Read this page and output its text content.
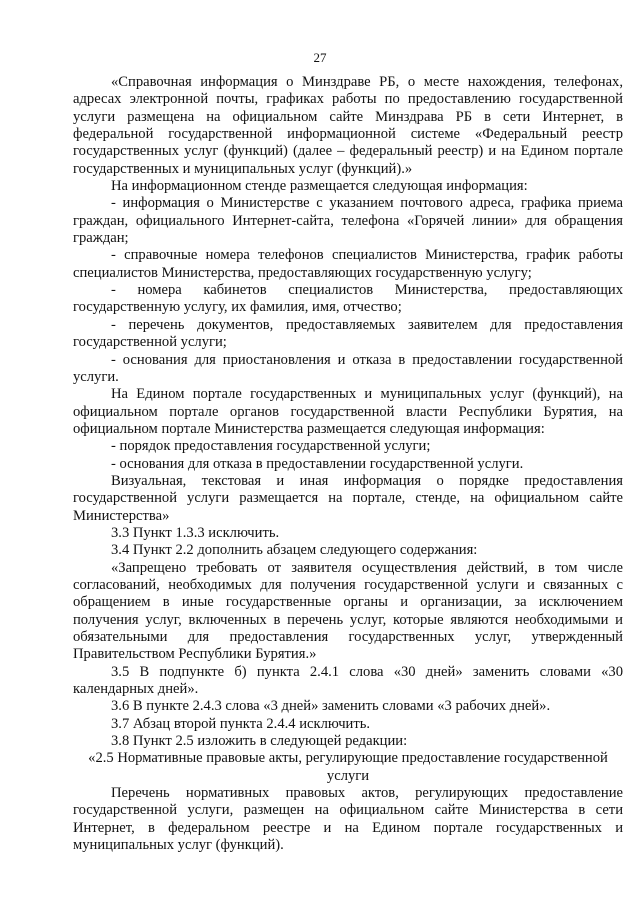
27

«Справочная информация о Минздраве РБ, о месте нахождения, телефонах, адресах электронной почты, графиках работы по предоставлению государственной услуги размещена на официальном сайте Минздрава РБ в сети Интернет, в федеральной государственной информационной системе «Федеральный реестр государственных услуг (функций) (далее – федеральный реестр) и на Едином портале государственных и муниципальных услуг (функций).»

На информационном стенде размещается следующая информация:

- информация о Министерстве с указанием почтового адреса, графика приема граждан, официального Интернет-сайта, телефона «Горячей линии» для обращения граждан;

- справочные номера телефонов специалистов Министерства, график работы специалистов Министерства, предоставляющих государственную услугу;

- номера кабинетов специалистов Министерства, предоставляющих государственную услугу, их фамилия, имя, отчество;

- перечень документов, предоставляемых заявителем для предоставления государственной услуги;

- основания для приостановления и отказа в предоставлении государственной услуги.

На Едином портале государственных и муниципальных услуг (функций), на официальном портале органов государственной власти Республики Бурятия, на официальном портале Министерства размещается следующая информация:

- порядок предоставления государственной услуги;

- основания для отказа в предоставлении государственной услуги.

Визуальная, текстовая и иная информация о порядке предоставления государственной услуги размещается на портале, стенде, на официальном сайте Министерства»

3.3 Пункт 1.3.3 исключить.

3.4 Пункт 2.2 дополнить абзацем следующего содержания:

«Запрещено требовать от заявителя осуществления действий, в том числе согласований, необходимых для получения государственной услуги и связанных с обращением в иные государственные органы и организации, за исключением получения услуг, включенных в перечень услуг, которые являются необходимыми и обязательными для предоставления государственных услуг, утвержденный Правительством Республики Бурятия.»

3.5 В подпункте б) пункта 2.4.1 слова «30 дней» заменить словами «30 календарных дней».

3.6 В пункте 2.4.3 слова «3 дней» заменить словами «3 рабочих дней».

3.7 Абзац второй пункта 2.4.4 исключить.

3.8 Пункт 2.5 изложить в следующей редакции:

«2.5 Нормативные правовые акты, регулирующие предоставление государственной услуги

Перечень нормативных правовых актов, регулирующих предоставление государственной услуги, размещен на официальном сайте Министерства в сети Интернет, в федеральном реестре и на Едином портале государственных и муниципальных услуг (функций).
